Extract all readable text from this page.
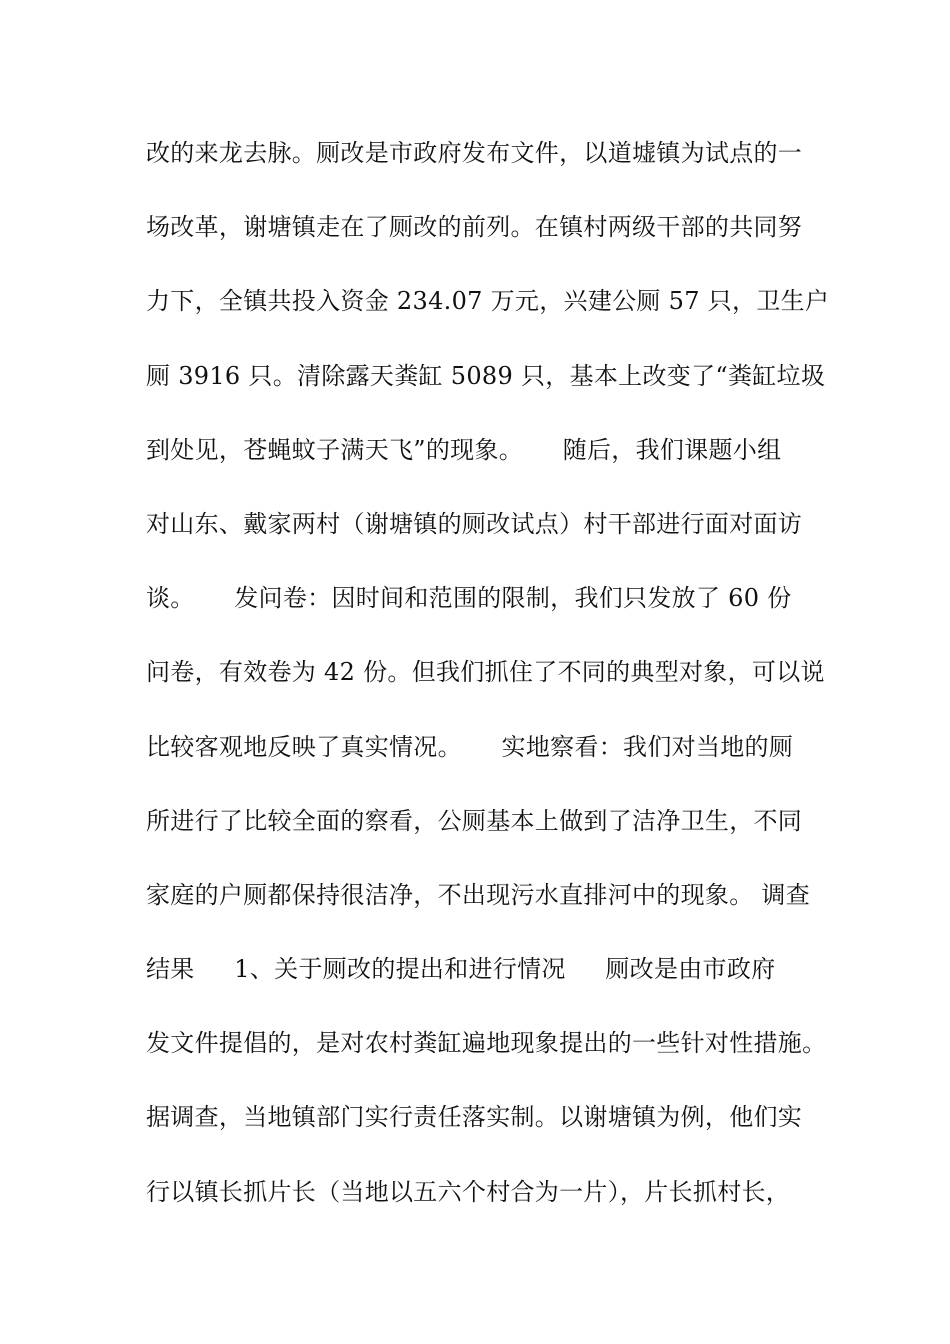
改的来龙去脉。厕改是市政府发布文件，以道墟镇为试点的一
场改革，谢塘镇走在了厕改的前列。在镇村两级干部的共同努
力下，全镇共投入资金 234.07 万元，兴建公厕 57 只，卫生户
厕 3916 只。清除露天粪缸 5089 只，基本上改变了“粪缸垃圾
到处见，苍蝇蚊子满天飞”的现象。     随后，我们课题小组
对山东、戴家两村（谢塘镇的厕改试点）村干部进行面对面访
谈。     发问卷：因时间和范围的限制，我们只发放了 60 份
问卷，有效卷为 42 份。但我们抓住了不同的典型对象，可以说
比较客观地反映了真实情况。     实地察看：我们对当地的厕
所进行了比较全面的察看，公厕基本上做到了洁净卫生，不同
家庭的户厕都保持很洁净，不出现污水直排河中的现象。 调查
结果     1、关于厕改的提出和进行情况     厕改是由市政府
发文件提倡的，是对农村粪缸遍地现象提出的一些针对性措施。
据调查，当地镇部门实行责任落实制。以谢塘镇为例，他们实
行以镇长抓片长（当地以五六个村合为一片），片长抓村长，
